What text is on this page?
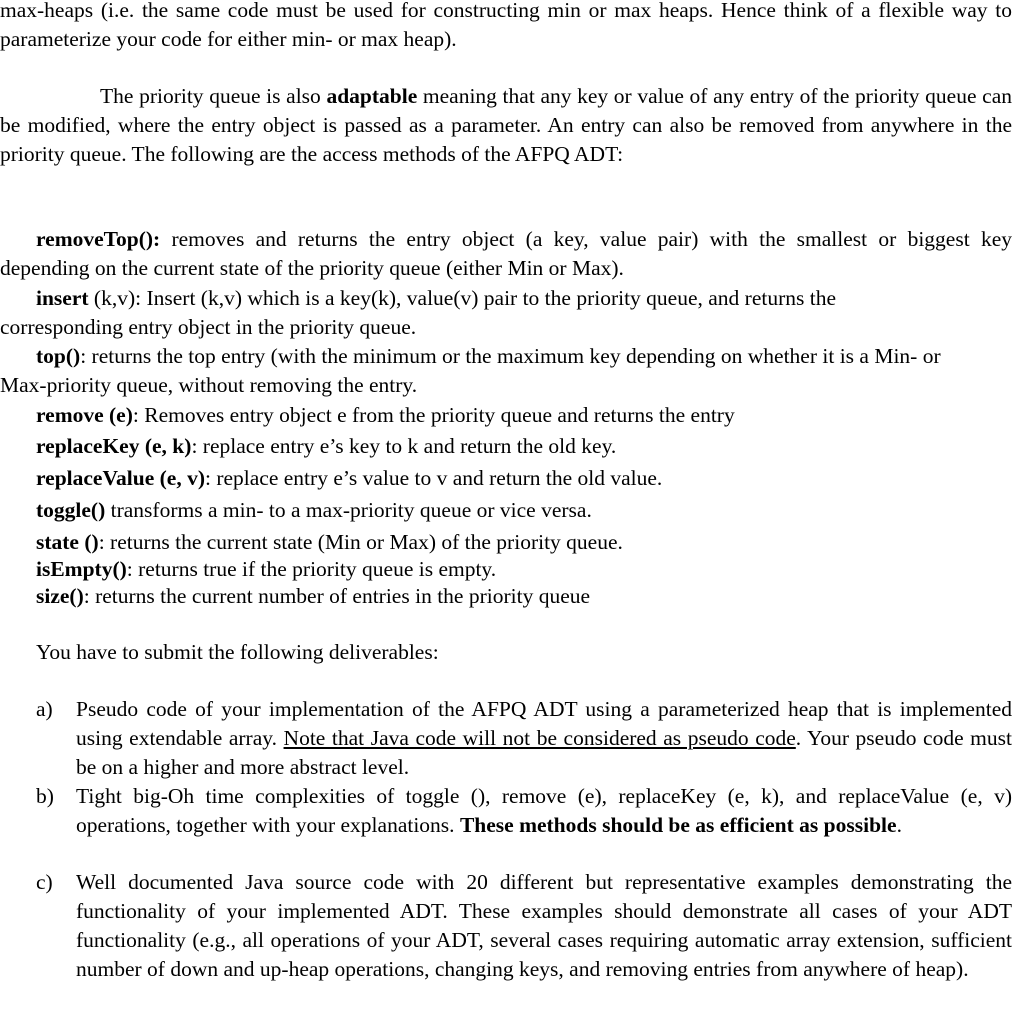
max-heaps (i.e. the same code must be used for constructing min or max heaps. Hence think of a flexible way to parameterize your code for either min- or max heap).

The priority queue is also adaptable meaning that any key or value of any entry of the priority queue can be modified, where the entry object is passed as a parameter. An entry can also be removed from anywhere in the priority queue. The following are the access methods of the AFPQ ADT:

removeTop(): removes and returns the entry object (a key, value pair) with the smallest or biggest key depending on the current state of the priority queue (either Min or Max).

insert (k,v): Insert (k,v) which is a key(k), value(v) pair to the priority queue, and returns the corresponding entry object in the priority queue.

top(): returns the top entry (with the minimum or the maximum key depending on whether it is a Min- or Max-priority queue, without removing the entry.

remove (e): Removes entry object e from the priority queue and returns the entry

replaceKey (e, k): replace entry e’s key to k and return the old key.

replaceValue (e, v): replace entry e’s value to v and return the old value.

toggle() transforms a min- to a max-priority queue or vice versa.

state (): returns the current state (Min or Max) of the priority queue.

isEmpty(): returns true if the priority queue is empty.

size(): returns the current number of entries in the priority queue

You have to submit the following deliverables:

a)	Pseudo code of your implementation of the AFPQ ADT using a parameterized heap that is implemented using extendable array. Note that Java code will not be considered as pseudo code. Your pseudo code must be on a higher and more abstract level.
b)	Tight big-Oh time complexities of toggle (), remove (e), replaceKey (e, k), and replaceValue (e, v) operations, together with your explanations. These methods should be as efficient as possible.
c)	Well documented Java source code with 20 different but representative examples demonstrating the functionality of your implemented ADT. These examples should demonstrate all cases of your ADT functionality (e.g., all operations of your ADT, several cases requiring automatic array extension, sufficient number of down and up-heap operations, changing keys, and removing entries from anywhere of heap).
